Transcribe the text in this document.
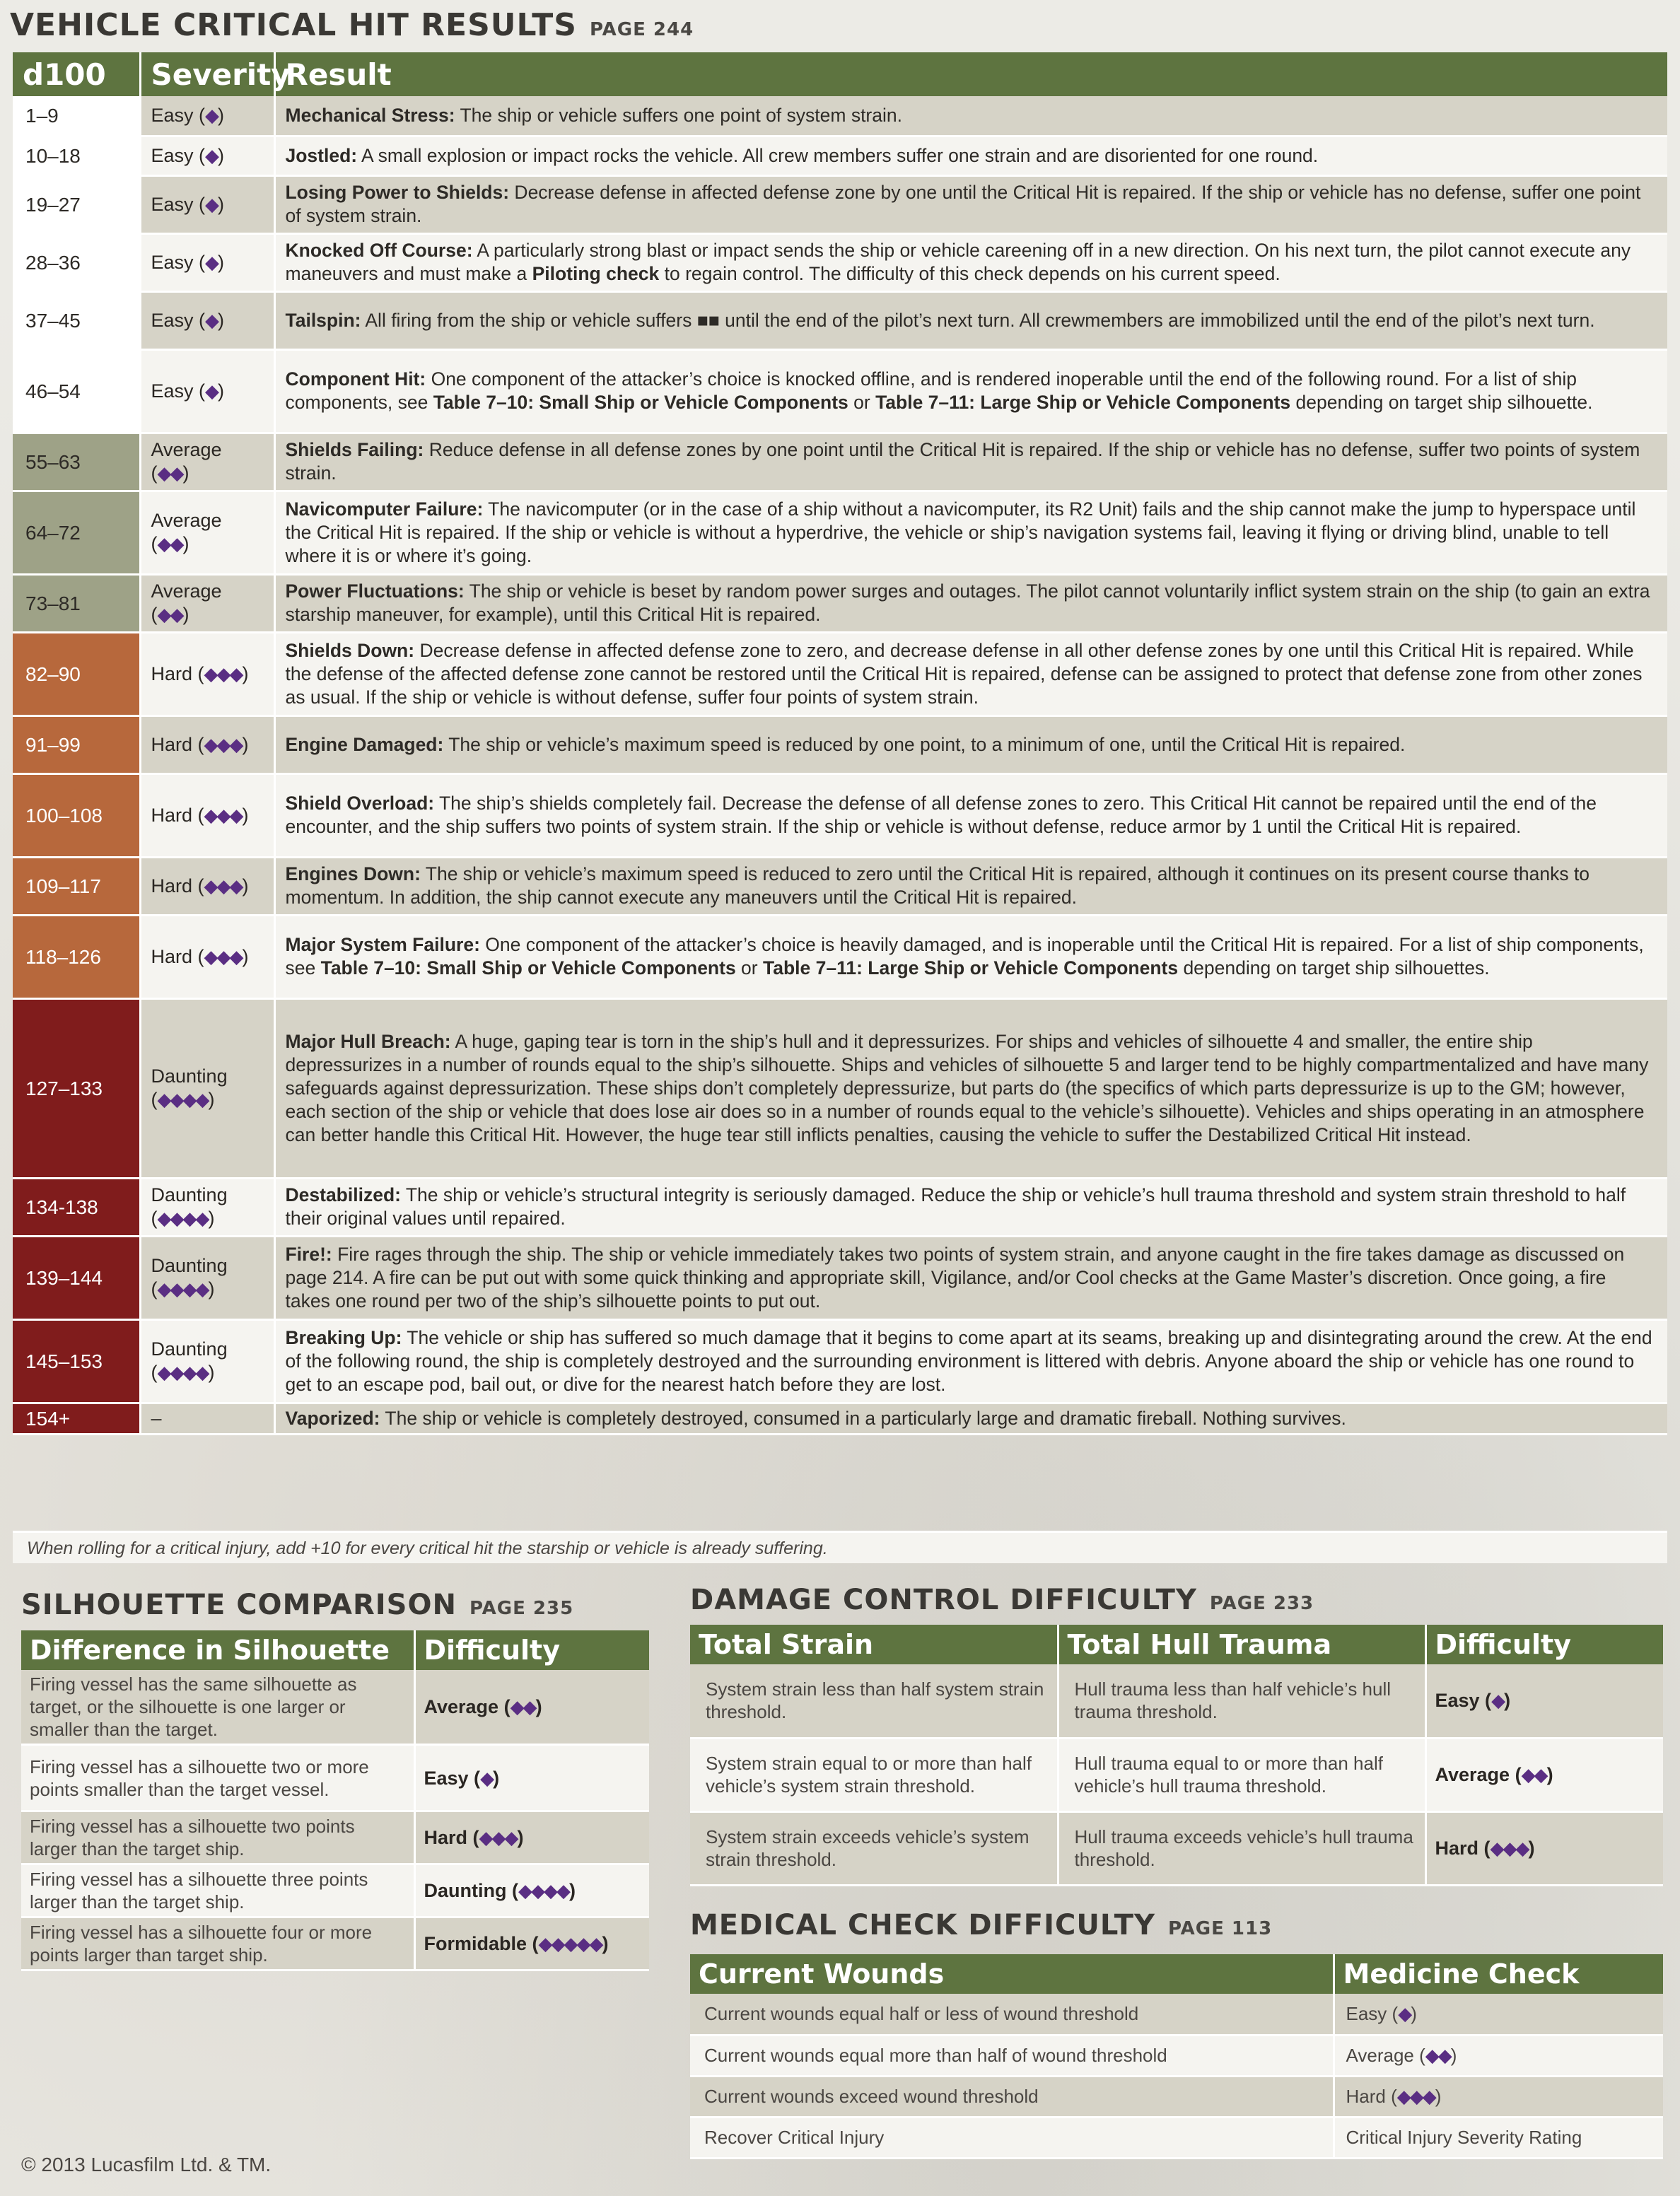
VEHICLE CRITICAL HIT RESULTS PAGE 244
d100	Severity	Result
1–9	Easy (◆)	Mechanical Stress: The ship or vehicle suffers one point of system strain.
10–18	Easy (◆)	Jostled: A small explosion or impact rocks the vehicle. All crew members suffer one strain and are disoriented for one round.
19–27	Easy (◆)	Losing Power to Shields: Decrease defense in affected defense zone by one until the Critical Hit is repaired. If the ship or vehicle has no defense, suffer one point of system strain.
28–36	Easy (◆)	Knocked Off Course: A particularly strong blast or impact sends the ship or vehicle careening off in a new direction. On his next turn, the pilot cannot execute any maneuvers and must make a Piloting check to regain control. The difficulty of this check depends on his current speed.
37–45	Easy (◆)	Tailspin: All firing from the ship or vehicle suffers ■■ until the end of the pilot’s next turn. All crewmembers are immobilized until the end of the pilot’s next turn.
46–54	Easy (◆)	Component Hit: One component of the attacker’s choice is knocked offline, and is rendered inoperable until the end of the following round. For a list of ship components, see Table 7–10: Small Ship or Vehicle Components or Table 7–11: Large Ship or Vehicle Components depending on target ship silhouette.
55–63	Average (◆◆)	Shields Failing: Reduce defense in all defense zones by one point until the Critical Hit is repaired. If the ship or vehicle has no defense, suffer two points of system strain.
64–72	Average (◆◆)	Navicomputer Failure: The navicomputer (or in the case of a ship without a navicomputer, its R2 Unit) fails and the ship cannot make the jump to hyperspace until the Critical Hit is repaired. If the ship or vehicle is without a hyperdrive, the vehicle or ship’s navigation systems fail, leaving it flying or driving blind, unable to tell where it is or where it’s going.
73–81	Average (◆◆)	Power Fluctuations: The ship or vehicle is beset by random power surges and outages. The pilot cannot voluntarily inflict system strain on the ship (to gain an extra starship maneuver, for example), until this Critical Hit is repaired.
82–90	Hard (◆◆◆)	Shields Down: Decrease defense in affected defense zone to zero, and decrease defense in all other defense zones by one until this Critical Hit is repaired. While the defense of the affected defense zone cannot be restored until the Critical Hit is repaired, defense can be assigned to protect that defense zone from other zones as usual. If the ship or vehicle is without defense, suffer four points of system strain.
91–99	Hard (◆◆◆)	Engine Damaged: The ship or vehicle’s maximum speed is reduced by one point, to a minimum of one, until the Critical Hit is repaired.
100–108	Hard (◆◆◆)	Shield Overload: The ship’s shields completely fail. Decrease the defense of all defense zones to zero. This Critical Hit cannot be repaired until the end of the encounter, and the ship suffers two points of system strain. If the ship or vehicle is without defense, reduce armor by 1 until the Critical Hit is repaired.
109–117	Hard (◆◆◆)	Engines Down: The ship or vehicle’s maximum speed is reduced to zero until the Critical Hit is repaired, although it continues on its present course thanks to momentum. In addition, the ship cannot execute any maneuvers until the Critical Hit is repaired.
118–126	Hard (◆◆◆)	Major System Failure: One component of the attacker’s choice is heavily damaged, and is inoperable until the Critical Hit is repaired. For a list of ship components, see Table 7–10: Small Ship or Vehicle Components or Table 7–11: Large Ship or Vehicle Components depending on target ship silhouettes.
127–133	Daunting (◆◆◆◆)	Major Hull Breach: A huge, gaping tear is torn in the ship’s hull and it depressurizes. For ships and vehicles of silhouette 4 and smaller, the entire ship depressurizes in a number of rounds equal to the ship’s silhouette. Ships and vehicles of silhouette 5 and larger tend to be highly compartmentalized and have many safeguards against depressurization. These ships don’t completely depressurize, but parts do (the specifics of which parts depressurize is up to the GM; however, each section of the ship or vehicle that does lose air does so in a number of rounds equal to the vehicle’s silhouette). Vehicles and ships operating in an atmosphere can better handle this Critical Hit. However, the huge tear still inflicts penalties, causing the vehicle to suffer the Destabilized Critical Hit instead.
134-138	Daunting (◆◆◆◆)	Destabilized: The ship or vehicle’s structural integrity is seriously damaged. Reduce the ship or vehicle’s hull trauma threshold and system strain threshold to half their original values until repaired.
139–144	Daunting (◆◆◆◆)	Fire!: Fire rages through the ship. The ship or vehicle immediately takes two points of system strain, and anyone caught in the fire takes damage as discussed on page 214. A fire can be put out with some quick thinking and appropriate skill, Vigilance, and/or Cool checks at the Game Master’s discretion. Once going, a fire takes one round per two of the ship’s silhouette points to put out.
145–153	Daunting (◆◆◆◆)	Breaking Up: The vehicle or ship has suffered so much damage that it begins to come apart at its seams, breaking up and disintegrating around the crew. At the end of the following round, the ship is completely destroyed and the surrounding environment is littered with debris. Anyone aboard the ship or vehicle has one round to get to an escape pod, bail out, or dive for the nearest hatch before they are lost.
154+	–	Vaporized: The ship or vehicle is completely destroyed, consumed in a particularly large and dramatic fireball. Nothing survives.
When rolling for a critical injury, add +10 for every critical hit the starship or vehicle is already suffering.
SILHOUETTE COMPARISON PAGE 235
Difference in Silhouette	Difficulty
Firing vessel has the same silhouette as target, or the silhouette is one larger or smaller than the target.	Average (◆◆)
Firing vessel has a silhouette two or more points smaller than the target vessel.	Easy (◆)
Firing vessel has a silhouette two points larger than the target ship.	Hard (◆◆◆)
Firing vessel has a silhouette three points larger than the target ship.	Daunting (◆◆◆◆)
Firing vessel has a silhouette four or more points larger than target ship.	Formidable (◆◆◆◆◆)
DAMAGE CONTROL DIFFICULTY PAGE 233
Total Strain	Total Hull Trauma	Difficulty
System strain less than half system strain threshold.	Hull trauma less than half vehicle’s hull trauma threshold.	Easy (◆)
System strain equal to or more than half vehicle’s system strain threshold.	Hull trauma equal to or more than half vehicle’s hull trauma threshold.	Average (◆◆)
System strain exceeds vehicle’s system strain threshold.	Hull trauma exceeds vehicle’s hull trauma threshold.	Hard (◆◆◆)
MEDICAL CHECK DIFFICULTY PAGE 113
Current Wounds	Medicine Check
Current wounds equal half or less of wound threshold	Easy (◆)
Current wounds equal more than half of wound threshold	Average (◆◆)
Current wounds exceed wound threshold	Hard (◆◆◆)
Recover Critical Injury	Critical Injury Severity Rating
© 2013 Lucasfilm Ltd. & TM.
